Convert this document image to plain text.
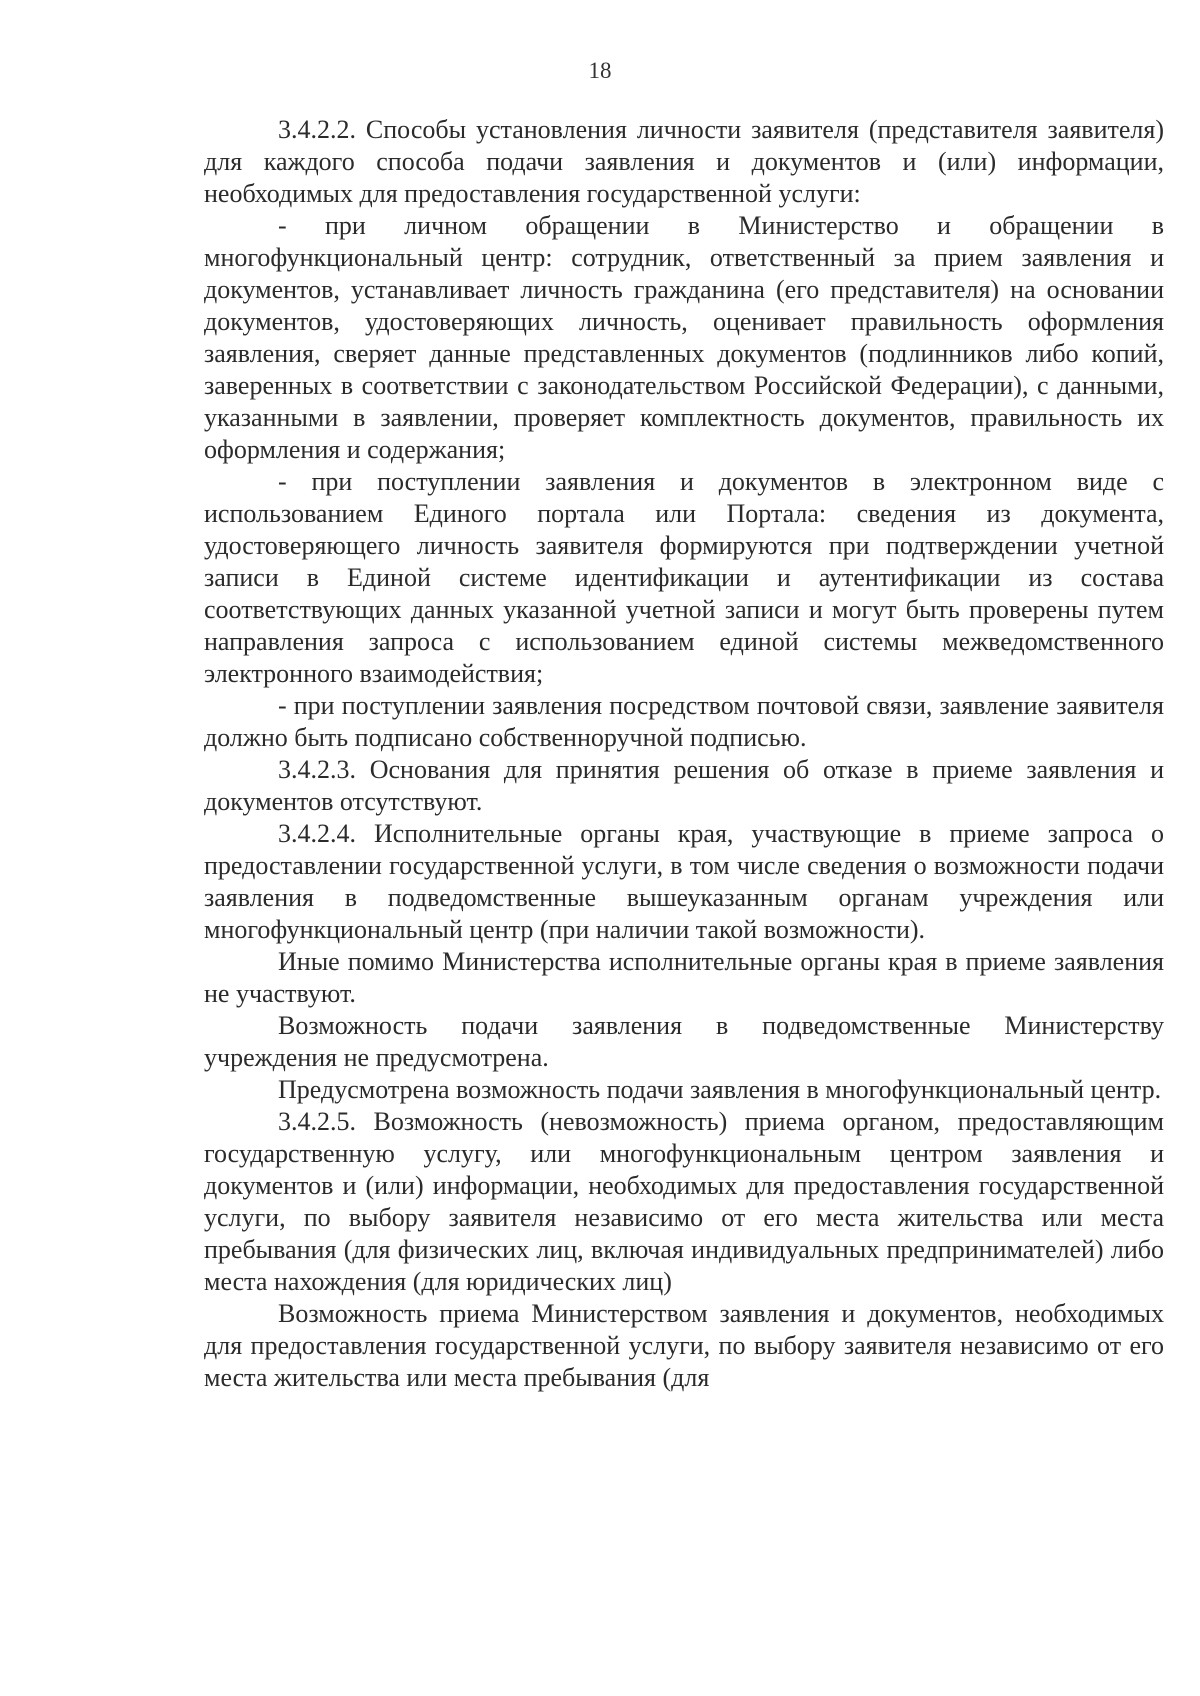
18

3.4.2.2. Способы установления личности заявителя (представителя заявителя) для каждого способа подачи заявления и документов и (или) информации, необходимых для предоставления государственной услуги:

- при личном обращении в Министерство и обращении в многофункциональный центр: сотрудник, ответственный за прием заявления и документов, устанавливает личность гражданина (его представителя) на основании документов, удостоверяющих личность, оценивает правильность оформления заявления, сверяет данные представленных документов (подлинников либо копий, заверенных в соответствии с законодательством Российской Федерации), с данными, указанными в заявлении, проверяет комплектность документов, правильность их оформления и содержания;

- при поступлении заявления и документов в электронном виде с использованием Единого портала или Портала: сведения из документа, удостоверяющего личность заявителя формируются при подтверждении учетной записи в Единой системе идентификации и аутентификации из состава соответствующих данных указанной учетной записи и могут быть проверены путем направления запроса с использованием единой системы межведомственного электронного взаимодействия;

- при поступлении заявления посредством почтовой связи, заявление заявителя должно быть подписано собственноручной подписью.

3.4.2.3. Основания для принятия решения об отказе в приеме заявления и документов отсутствуют.

3.4.2.4. Исполнительные органы края, участвующие в приеме запроса о предоставлении государственной услуги, в том числе сведения о возможности подачи заявления в подведомственные вышеуказанным органам учреждения или многофункциональный центр (при наличии такой возможности).

Иные помимо Министерства исполнительные органы края в приеме заявления не участвуют.

Возможность подачи заявления в подведомственные Министерству учреждения не предусмотрена.

Предусмотрена возможность подачи заявления в многофункциональный центр.

3.4.2.5. Возможность (невозможность) приема органом, предоставляющим государственную услугу, или многофункциональным центром заявления и документов и (или) информации, необходимых для предоставления государственной услуги, по выбору заявителя независимо от его места жительства или места пребывания (для физических лиц, включая индивидуальных предпринимателей) либо места нахождения (для юридических лиц)

Возможность приема Министерством заявления и документов, необходимых для предоставления государственной услуги, по выбору заявителя независимо от его места жительства или места пребывания (для
